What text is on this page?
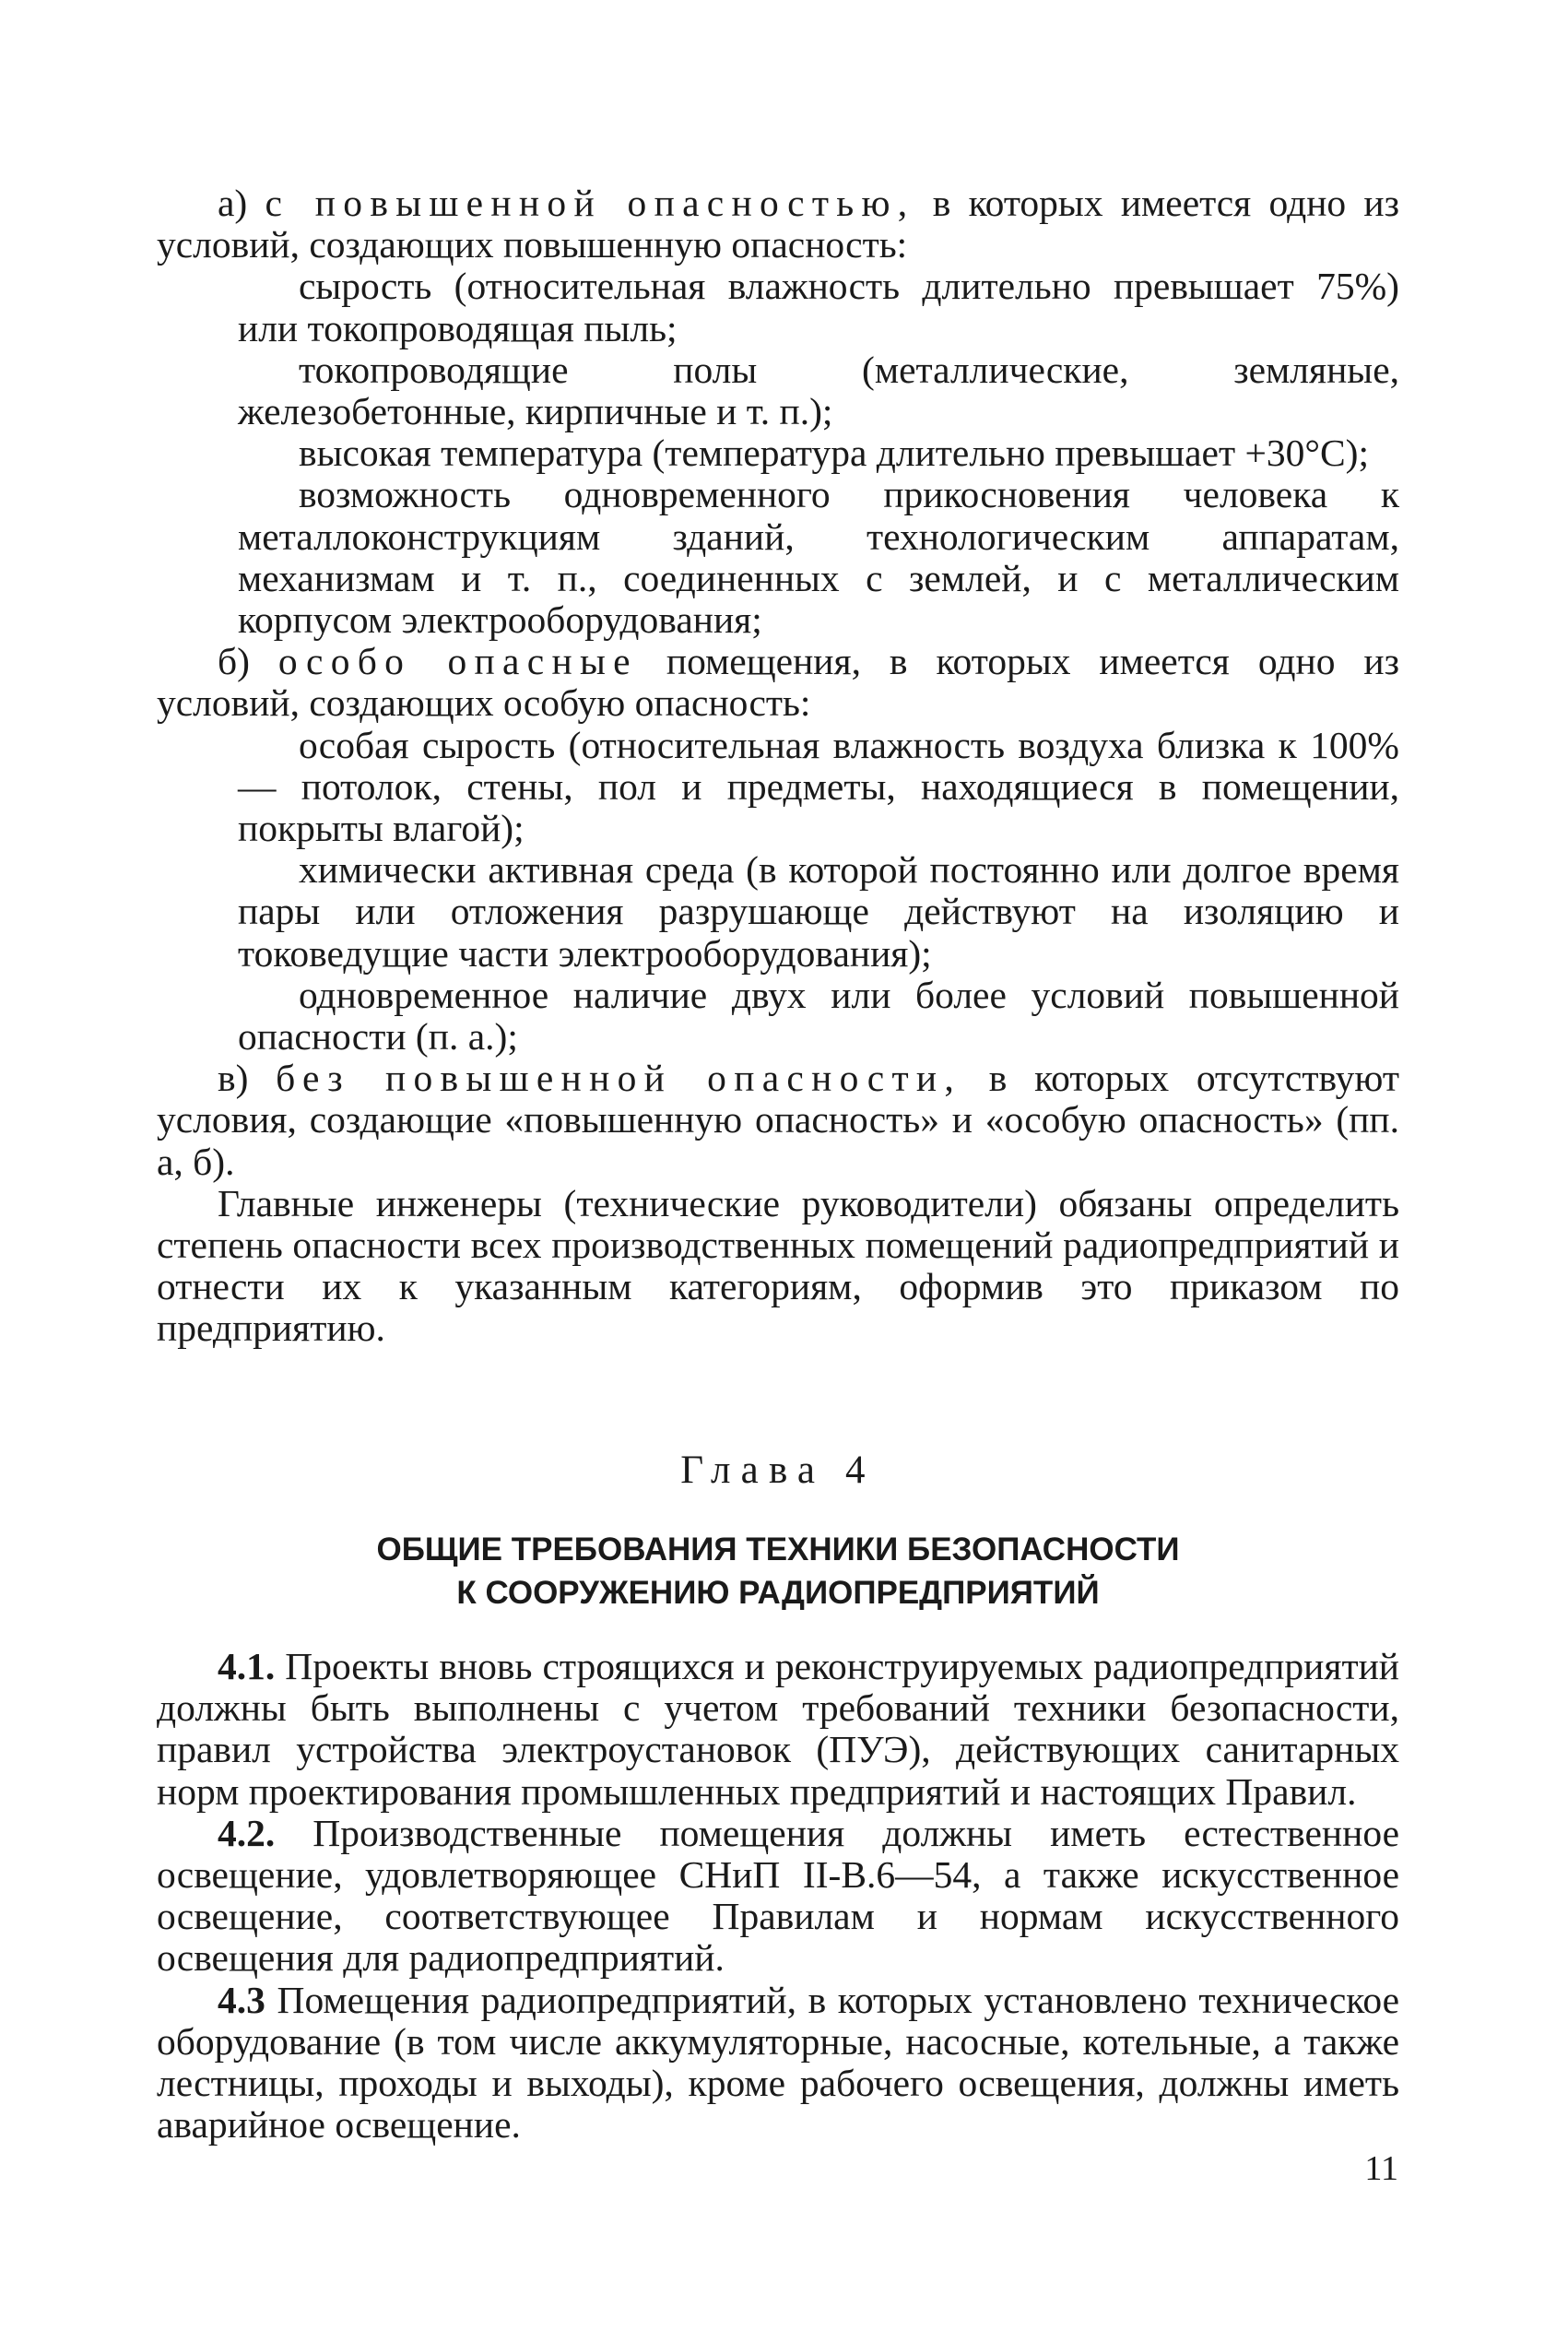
а) с повышенной опасностью, в которых имеется одно из условий, создающих повышенную опасность:

сырость (относительная влажность длительно превышает 75%) или токопроводящая пыль;

токопроводящие полы (металлические, земляные, железобетонные, кирпичные и т. п.);

высокая температура (температура длительно превышает +30°C);

возможность одновременного прикосновения человека к металлоконструкциям зданий, технологическим аппаратам, механизмам и т. п., соединенных с землей, и с металлическим корпусом электрооборудования;

б) особо опасные помещения, в которых имеется одно из условий, создающих особую опасность:

особая сырость (относительная влажность воздуха близка к 100% — потолок, стены, пол и предметы, находящиеся в помещении, покрыты влагой);

химически активная среда (в которой постоянно или долгое время пары или отложения разрушающе действуют на изоляцию и токоведущие части электрооборудования);

одновременное наличие двух или более условий повышенной опасности (п. а.);

в) без повышенной опасности, в которых отсутствуют условия, создающие «повышенную опасность» и «особую опасность» (пп. а, б).

Главные инженеры (технические руководители) обязаны определить степень опасности всех производственных помещений радиопредприятий и отнести их к указанным категориям, оформив это приказом по предприятию.

Глава 4
ОБЩИЕ ТРЕБОВАНИЯ ТЕХНИКИ БЕЗОПАСНОСТИ
К СООРУЖЕНИЮ РАДИОПРЕДПРИЯТИЙ

4.1. Проекты вновь строящихся и реконструируемых радиопредприятий должны быть выполнены с учетом требований техники безопасности, правил устройства электроустановок (ПУЭ), действующих санитарных норм проектирования промышленных предприятий и настоящих Правил.

4.2. Производственные помещения должны иметь естественное освещение, удовлетворяющее СНиП II-В.6—54, а также искусственное освещение, соответствующее Правилам и нормам искусственного освещения для радиопредприятий.

4.3 Помещения радиопредприятий, в которых установлено техническое оборудование (в том числе аккумуляторные, насосные, котельные, а также лестницы, проходы и выходы), кроме рабочего освещения, должны иметь аварийное освещение.

11
